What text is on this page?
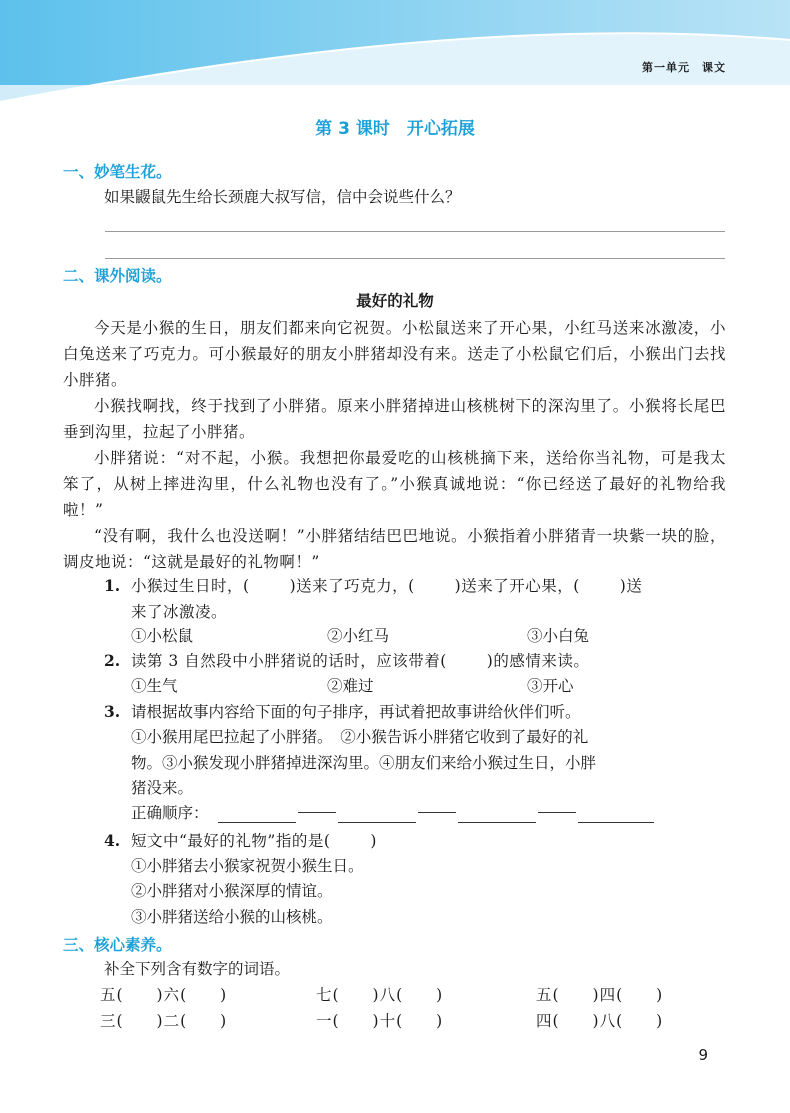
第一单元　课文
第 3 课时　开心拓展
一、妙笔生花。
如果鼹鼠先生给长颈鹿大叔写信，信中会说些什么？
二、课外阅读。
最好的礼物
今天是小猴的生日，朋友们都来向它祝贺。小松鼠送来了开心果，小红马送来冰激凌，小白兔送来了巧克力。可小猴最好的朋友小胖猪却没有来。送走了小松鼠它们后，小猴出门去找小胖猪。
小猴找啊找，终于找到了小胖猪。原来小胖猪掉进山核桃树下的深沟里了。小猴将长尾巴垂到沟里，拉起了小胖猪。
小胖猪说：“对不起，小猴。我想把你最爱吃的山核桃摘下来，送给你当礼物，可是我太笨了，从树上摔进沟里，什么礼物也没有了。”小猴真诚地说：“你已经送了最好的礼物给我啦！”
“没有啊，我什么也没送啊！”小胖猪结结巴巴地说。小猴指着小胖猪青一块紫一块的脸，调皮地说：“这就是最好的礼物啊！”
1. 小猴过生日时，(	)送来了巧克力，(	)送来了开心果，(	)送
来了冰激凌。
①小松鼠	②小红马	③小白兔
2. 读第 3 自然段中小胖猪说的话时，应该带着(	)的感情来读。
①生气	②难过	③开心
3. 请根据故事内容给下面的句子排序，再试着把故事讲给伙伴们听。
①小猴用尾巴拉起了小胖猪。　②小猴告诉小胖猪它收到了最好的礼
物。③小猴发现小胖猪掉进深沟里。④朋友们来给小猴过生日，小胖
猪没来。
正确顺序：
4. 短文中“最好的礼物”指的是(	)
①小胖猪去小猴家祝贺小猴生日。
②小胖猪对小猴深厚的情谊。
③小胖猪送给小猴的山核桃。
三、核心素养。
补全下列含有数字的词语。
五(　　)六(　　)	七(　　)八(　　)	五(　　)四(　　)
三(　　)二(　　)	一(　　)十(　　)	四(　　)八(　　)
9
